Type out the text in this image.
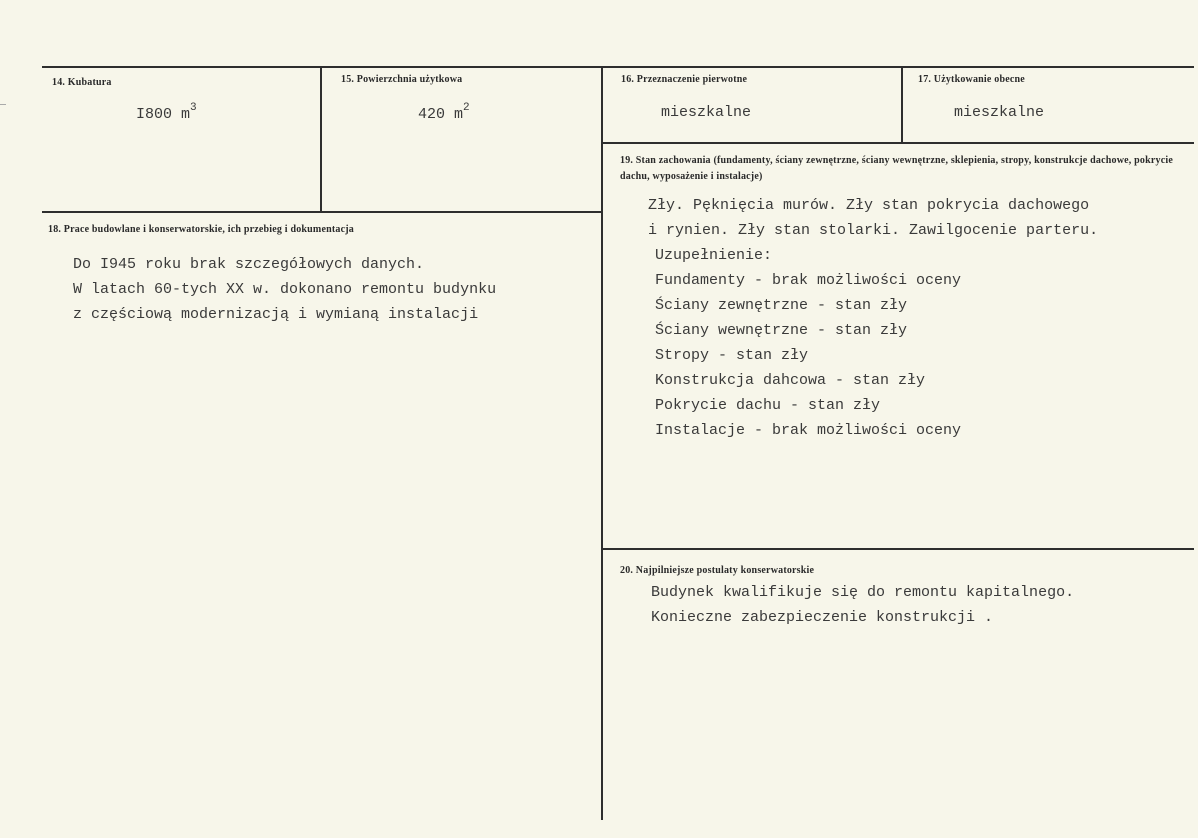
14. Kubatura
I800 $m^3$
15. Powierzchnia użytkowa
420 $m^2$
16. Przeznaczenie pierwotne
mieszkalne
17. Użytkowanie obecne
mieszkalne
18. Prace budowlane i konserwatorskie, ich przebieg i dokumentacja
Do I945 roku brak szczegółowych danych.
W latach 60-tych XX w. dokonano remontu budynku
z częściową modernizacją i wymianą instalacji
19. Stan zachowania (fundamenty, ściany zewnętrzne, ściany wewnętrzne, sklepienia, stropy, konstrukcje dachowe, pokrycie dachu, wyposażenie i instalacje)
Zły. Pęknięcia murów. Zły stan pokrycia dachowego
i rynien. Zły stan stolarki. Zawilgocenie parteru.
Uzupełnienie:
Fundamenty - brak możliwości oceny
Ściany zewnętrzne - stan zły
Ściany wewnętrzne - stan zły
Stropy - stan zły
Konstrukcja dahcowa - stan zły
Pokrycie dachu - stan zły
Instalacje - brak możliwości oceny
20. Najpilniejsze postulaty konserwatorskie
Budynek kwalifikuje się do remontu kapitalnego.
Konieczne zabezpieczenie konstrukcji .
